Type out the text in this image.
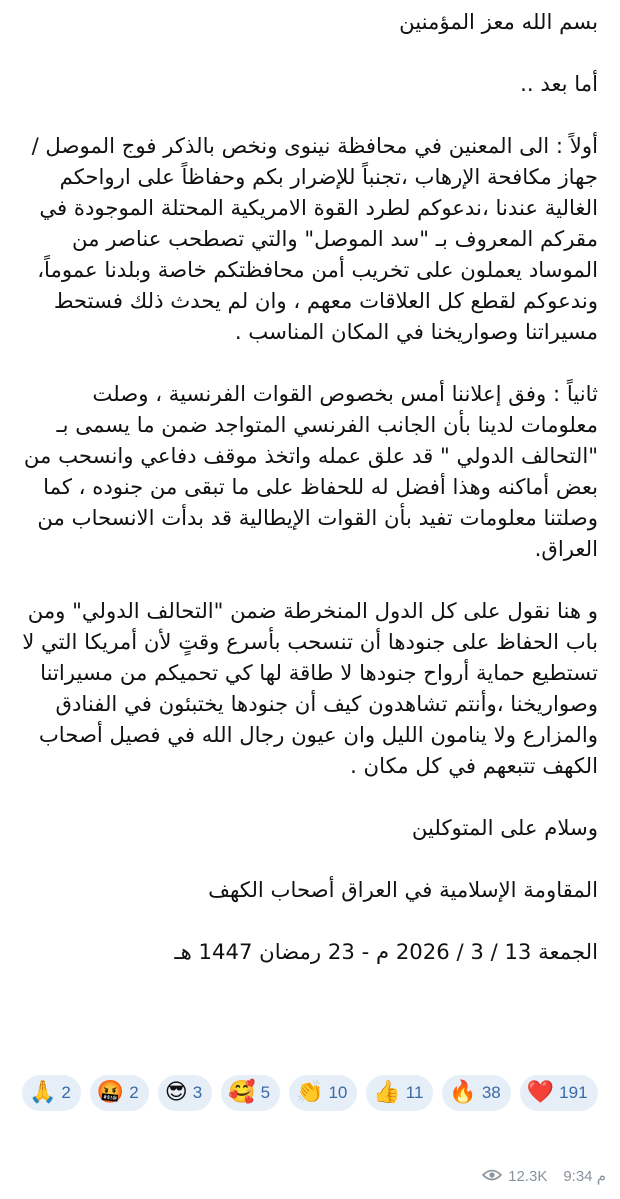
بسم الله معز المؤمنين

أما بعد ..

أولاً : الى المعنين في محافظة نينوى ونخص بالذكر فوج الموصل / جهاز مكافحة الإرهاب ،تجنباً للإضرار بكم وحفاظاً على ارواحكم الغالية عندنا ،ندعوكم لطرد القوة الامريكية المحتلة الموجودة في مقركم المعروف بـ "سد الموصل" والتي تصطحب عناصر من الموساد يعملون على تخريب أمن محافظتكم خاصة وبلدنا عموماً، وندعوكم لقطع كل العلاقات معهم ، وان لم يحدث ذلك فستحط مسيراتنا وصواريخنا في المكان المناسب .

ثانياً : وفق إعلاننا أمس بخصوص القوات الفرنسية ، وصلت معلومات لدينا بأن الجانب الفرنسي المتواجد ضمن ما يسمى بـ "التحالف الدولي " قد علق عمله واتخذ موقف دفاعي وانسحب من بعض أماكنه وهذا أفضل له للحفاظ على ما تبقى من جنوده ، كما وصلتنا معلومات تفيد بأن القوات الإيطالية قد بدأت الانسحاب من العراق.

و هنا نقول على كل الدول المنخرطة ضمن "التحالف الدولي" ومن باب الحفاظ على جنودها أن تنسحب بأسرع وقتٍ لأن أمريكا التي لا تستطيع حماية أرواح جنودها لا طاقة لها كي تحميكم من مسيراتنا وصواريخنا ،وأنتم تشاهدون كيف أن جنودها يختبئون في الفنادق والمزارع ولا ينامون الليل وان عيون رجال الله في فصيل أصحاب الكهف تتبعهم في كل مكان .

وسلام على المتوكلين

المقاومة الإسلامية في العراق أصحاب الكهف

الجمعة 13 / 3 / 2026 م - 23 رمضان 1447 هـ

❤️ 191
🔥 38
👍 11
👏 10
🥰 5
😎 3
🤬 2
🙏 2
12.3K 9:34 م
